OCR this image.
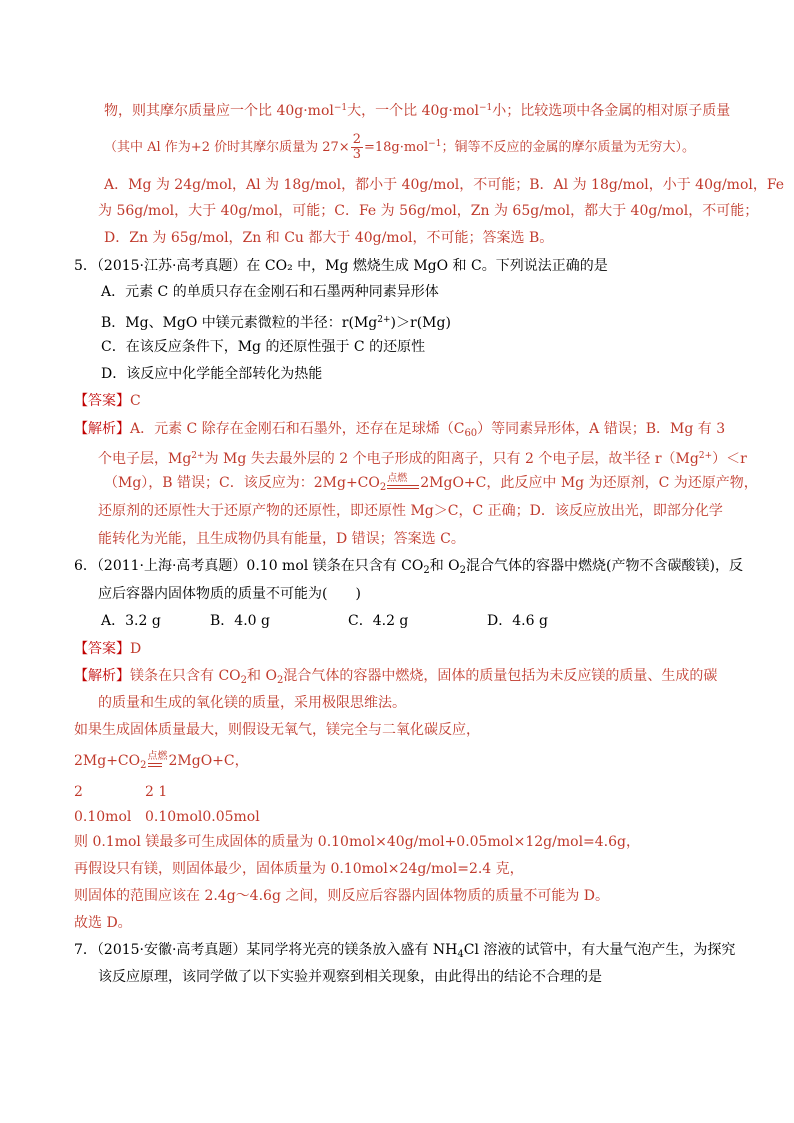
物，则其摩尔质量应一个比 40g·mol$^{-1}$大，一个比 40g·mol$^{-1}$小；比较选项中各金属的相对原子质量
（其中 Al 作为+2 价时其摩尔质量为 $27\times \frac{2}{3} =18g\cdot mol^{-1}$；铜等不反应的金属的摩尔质量为无穷大）。
A．Mg 为 24g/mol，Al 为 18g/mol，都小于 40g/mol，不可能；B．Al 为 18g/mol，小于 40g/mol，Fe
为 56g/mol，大于 40g/mol，可能；C．Fe 为 56g/mol，Zn 为 65g/mol，都大于 40g/mol，不可能；
D．Zn 为 65g/mol，Zn 和 Cu 都大于 40g/mol，不可能；答案选 B。
5．（2015·江苏·高考真题）在 CO₂ 中，Mg 燃烧生成 MgO 和 C。下列说法正确的是
A．元素 C 的单质只存在金刚石和石墨两种同素异形体
B．Mg、MgO 中镁元素微粒的半径：$r(Mg^{2+})>r(Mg)$
C．在该反应条件下，Mg 的还原性强于 C 的还原性
D．该反应中化学能全部转化为热能
【答案】C
【解析】A．元素 C 除存在金刚石和石墨外，还存在足球烯$(C_{60})$等同素异形体，A 错误；B．Mg 有 3
个电子层，$Mg^{2+}$为 Mg 失去最外层的 2 个电子形成的阳离子，只有 2 个电子层，故半径 $r(Mg^{2+})<r$
（Mg），B 错误；C．该反应为：$2Mg+CO_2$
点燃 2MgO+C，此反应中 Mg 为还原剂，C 为还原产物，
还原剂的还原性大于还原产物的还原性，即还原性 Mg＞C，C 正确；D．该反应放出光，即部分化学
能转化为光能，且生成物仍具有能量，D 错误；答案选 C。
6．（2011·上海·高考真题）0.10 mol 镁条在只含有 $CO_2$和 $O_2$混合气体的容器中燃烧(产物不含碳酸镁)，反
应后容器内固体物质的质量不可能为(　　)
A．3.2 g	B．4.0 g	C．4.2 g	D．4.6 g
【答案】D
【解析】镁条在只含有 $CO_2$和 $O_2$混合气体的容器中燃烧，固体的质量包括为未反应镁的质量、生成的碳
的质量和生成的氧化镁的质量，采用极限思维法。
如果生成固体质量最大，则假设无氧气，镁完全与二氧化碳反应，
$2Mg+CO_2$
点燃 2MgO+C，
2	2 1
0.10mol 0.10mol0.05mol
则 0.1mol 镁最多可生成固体的质量为 0.10mol×40g/mol+0.05mol×12g/mol=4.6g，
再假设只有镁，则固体最少，固体质量为 0.10mol×24g/mol=2.4 克，
则固体的范围应该在 2.4g～4.6g 之间，则反应后容器内固体物质的质量不可能为 D。
故选 D。
7．（2015·安徽·高考真题）某同学将光亮的镁条放入盛有 $NH_4Cl$ 溶液的试管中，有大量气泡产生，为探究
该反应原理，该同学做了以下实验并观察到相关现象，由此得出的结论不合理的是
